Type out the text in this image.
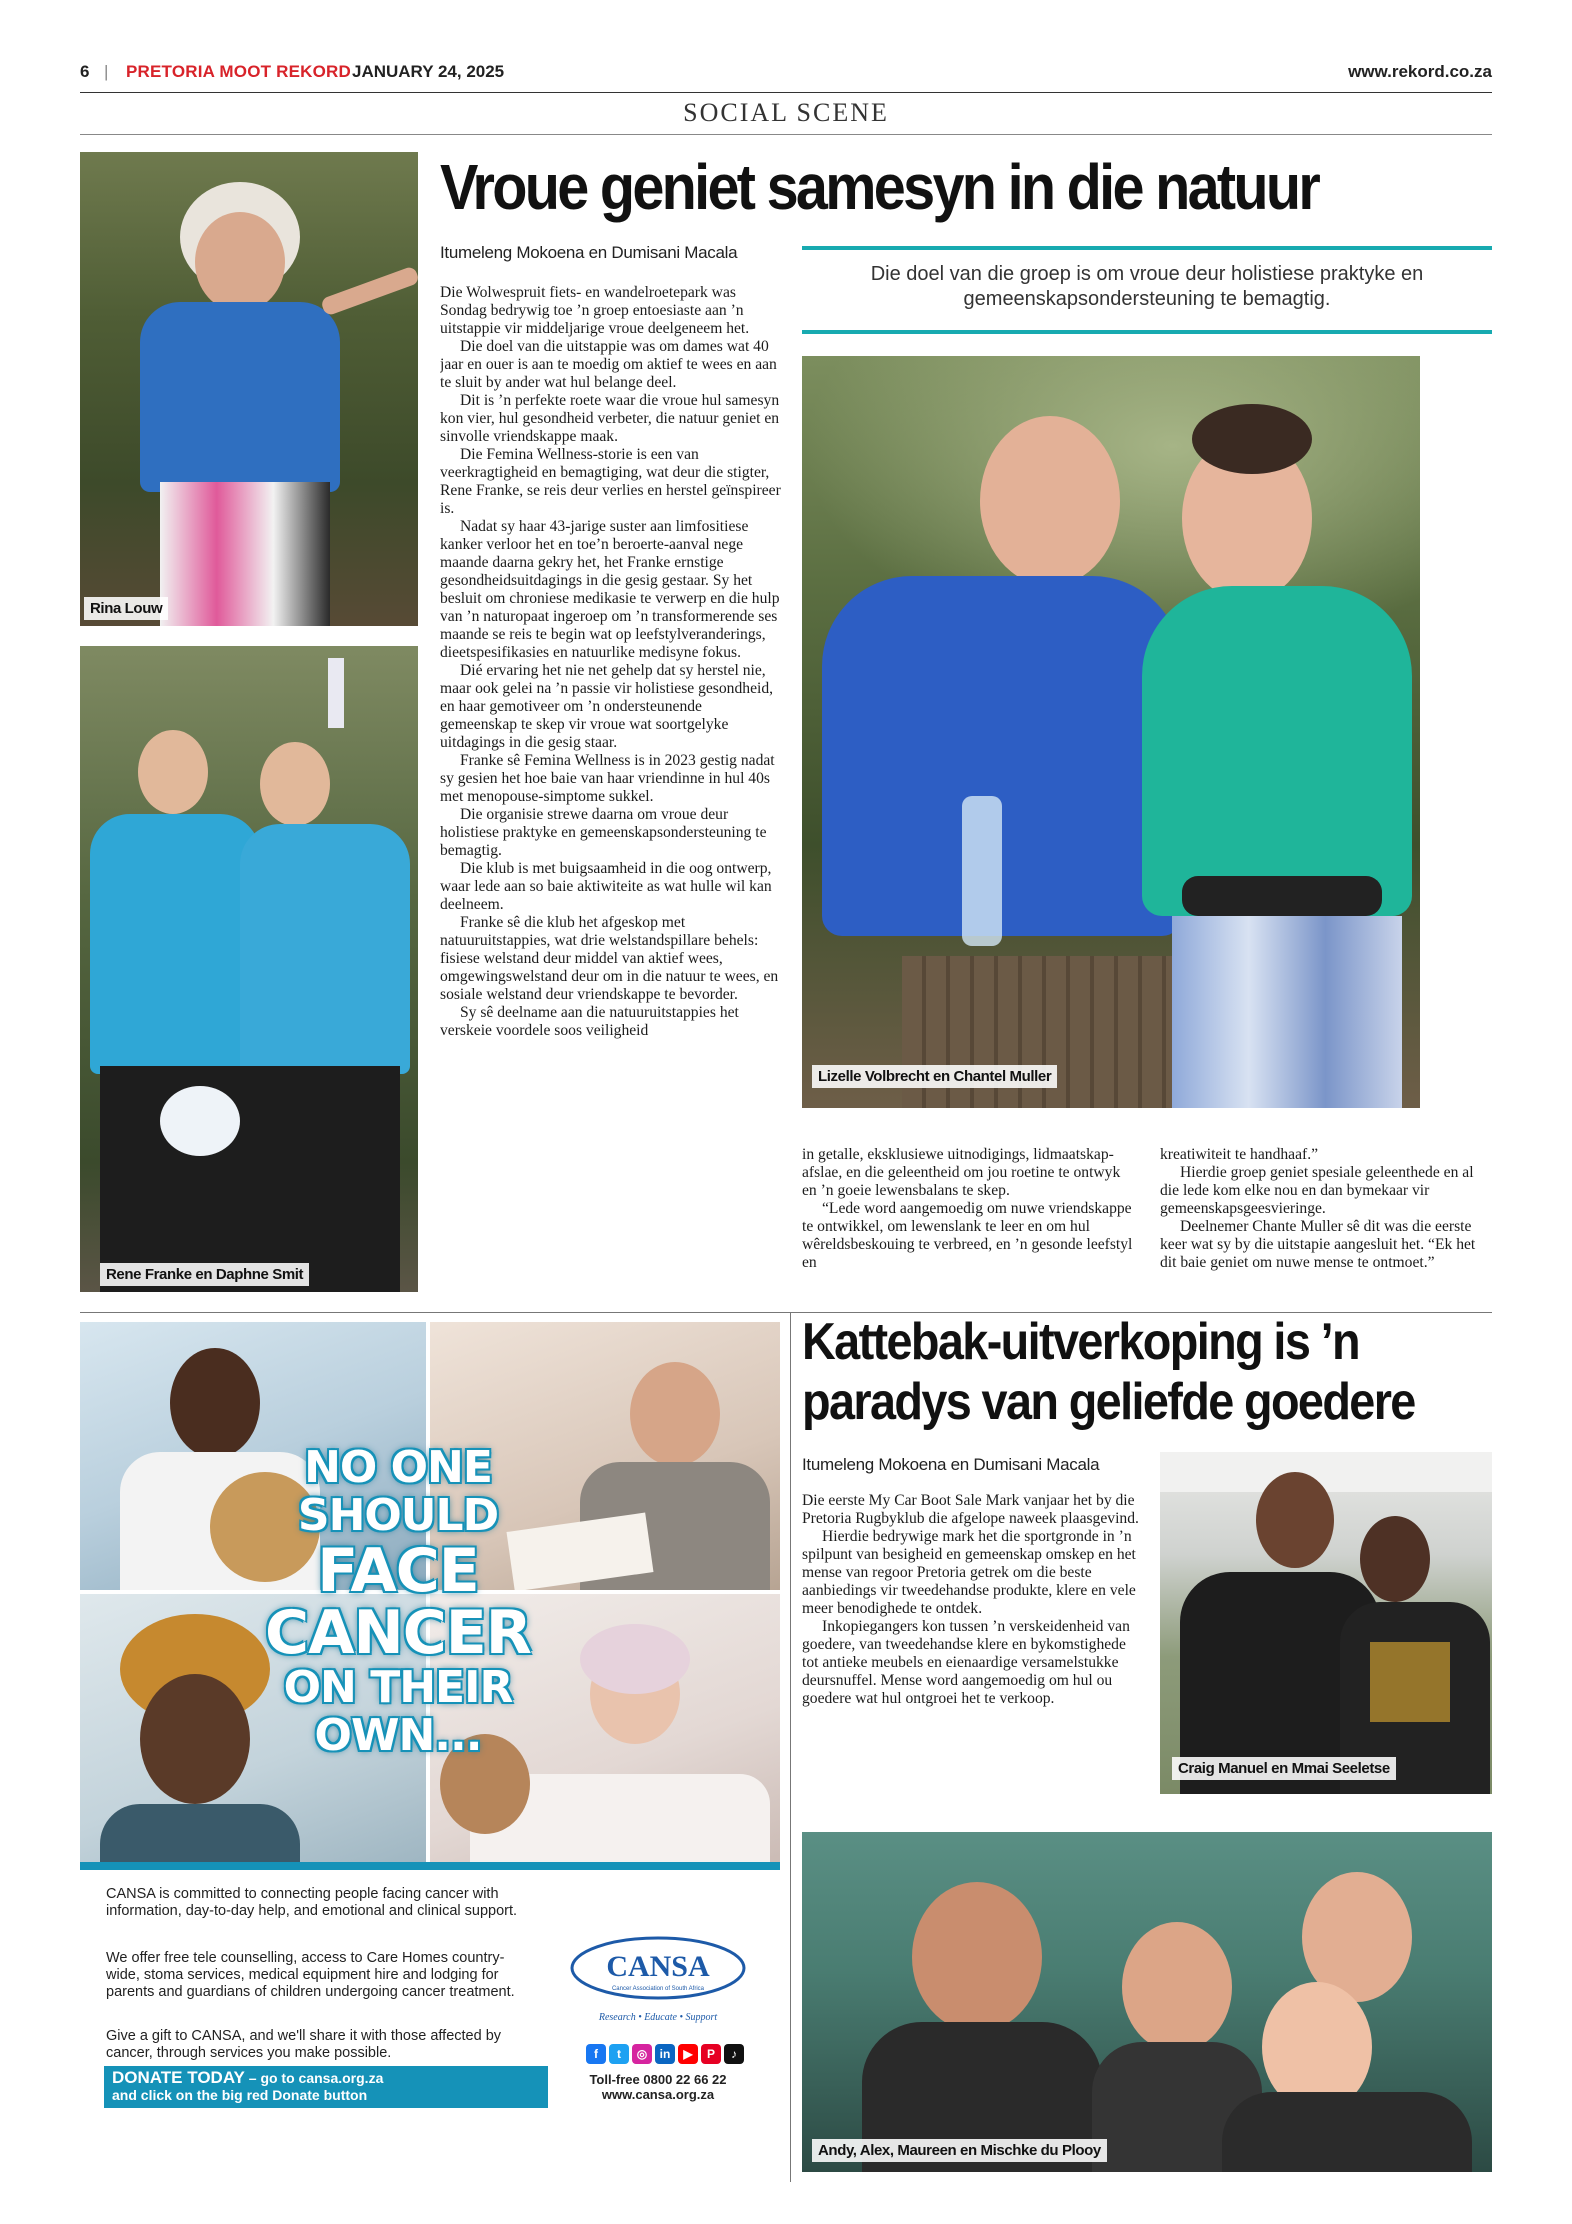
6 | PRETORIA MOOT REKORD JANUARY 24, 2025	www.rekord.co.za
SOCIAL SCENE
Rina Louw
Rene Franke en Daphne Smit
Vroue geniet samesyn in die natuur
Itumeleng Mokoena en Dumisani Macala
Die doel van die groep is om vroue deur holistiese praktyke en gemeenskapsondersteuning te bemagtig.

Die Wolwespruit fiets- en wandelroetepark was Sondag bedrywig toe ’n groep entoesiaste aan ’n uitstappie vir middeljarige vroue deelgeneem het.

Die doel van die uitstappie was om dames wat 40 jaar en ouer is aan te moedig om aktief te wees en aan te sluit by ander wat hul belange deel.

Dit is ’n perfekte roete waar die vroue hul samesyn kon vier, hul gesondheid verbeter, die natuur geniet en sinvolle vriendskappe maak.

Die Femina Wellness-storie is een van veerkragtigheid en bemagtiging, wat deur die stigter, Rene Franke, se reis deur verlies en herstel geïnspireer is.

Nadat sy haar 43-jarige suster aan limfositiese kanker verloor het en toe’n beroerte-aanval nege maande daarna gekry het, het Franke ernstige gesondheidsuitdagings in die gesig gestaar. Sy het besluit om chroniese medikasie te verwerp en die hulp van ’n naturopaat ingeroep om ’n transformerende ses maande se reis te begin wat op leefstylveranderings, dieetspesifikasies en natuurlike medisyne fokus.

Dié ervaring het nie net gehelp dat sy herstel nie, maar ook gelei na ’n passie vir holistiese gesondheid, en haar gemotiveer om ’n ondersteunende gemeenskap te skep vir vroue wat soortgelyke uitdagings in die gesig staar.

Franke sê Femina Wellness is in 2023 gestig nadat sy gesien het hoe baie van haar vriendinne in hul 40s met menopouse-simptome sukkel.

Die organisie strewe daarna om vroue deur holistiese praktyke en gemeenskapsondersteuning te bemagtig.

Die klub is met buigsaamheid in die oog ontwerp, waar lede aan so baie aktiwiteite as wat hulle wil kan deelneem.

Franke sê die klub het afgeskop met natuuruitstappies, wat drie welstandspillare behels: fisiese welstand deur middel van aktief wees, omgewingswelstand deur om in die natuur te wees, en sosiale welstand deur vriendskappe te bevorder.

Sy sê deelname aan die natuuruitstappies het verskeie voordele soos veiligheid

Lizelle Volbrecht en Chantel Muller

in getalle, eksklusiewe uitnodigings, lidmaatskap-afslae, en die geleentheid om jou roetine te ontwyk en ’n goeie lewensbalans te skep.

“Lede word aangemoedig om nuwe vriendskappe te ontwikkel, om lewenslank te leer en om hul wêreldsbeskouing te verbreed, en ’n gesonde leefstyl en

kreatiwiteit te handhaaf.”

Hierdie groep geniet spesiale geleenthede en al die lede kom elke nou en dan bymekaar vir gemeenskapsgeesvieringe.

Deelnemer Chante Muller sê dit was die eerste keer wat sy by die uitstapie aangesluit het. “Ek het dit baie geniet om nuwe mense te ontmoet.”

NO ONE
SHOULD
FACE
CANCER
ON THEIR
OWN...

CANSA is committed to connecting people facing cancer with information, day-to-day help, and emotional and clinical support.

We offer free tele counselling, access to Care Homes country-wide, stoma services, medical equipment hire and lodging for parents and guardians of children undergoing cancer treatment.

Give a gift to CANSA, and we'll share it with those affected by cancer, through services you make possible.

DONATE TODAY – go to cansa.org.za
and click on the big red Donate button
CANSA
Cancer Association of South Africa
Research • Educate • Support
f	t	◎	in	▶	P	♪
Toll-free 0800 22 66 22
www.cansa.org.za
Kattebak-uitverkoping is ’n paradys van geliefde goedere
Itumeleng Mokoena en Dumisani Macala

Die eerste My Car Boot Sale Mark vanjaar het by die Pretoria Rugbyklub die afgelope naweek plaasgevind.

Hierdie bedrywige mark het die sportgronde in ’n spilpunt van besigheid en gemeenskap omskep en het mense van regoor Pretoria getrek om die beste aanbiedings vir tweedehandse produkte, klere en vele meer benodighede te ontdek.

Inkopiegangers kon tussen ’n verskeidenheid van goedere, van tweedehandse klere en bykomstighede tot antieke meubels en eienaardige versamelstukke deursnuffel. Mense word aangemoedig om hul ou goedere wat hul ontgroei het te verkoop.

Craig Manuel en Mmai Seeletse
Andy, Alex, Maureen en Mischke du Plooy
